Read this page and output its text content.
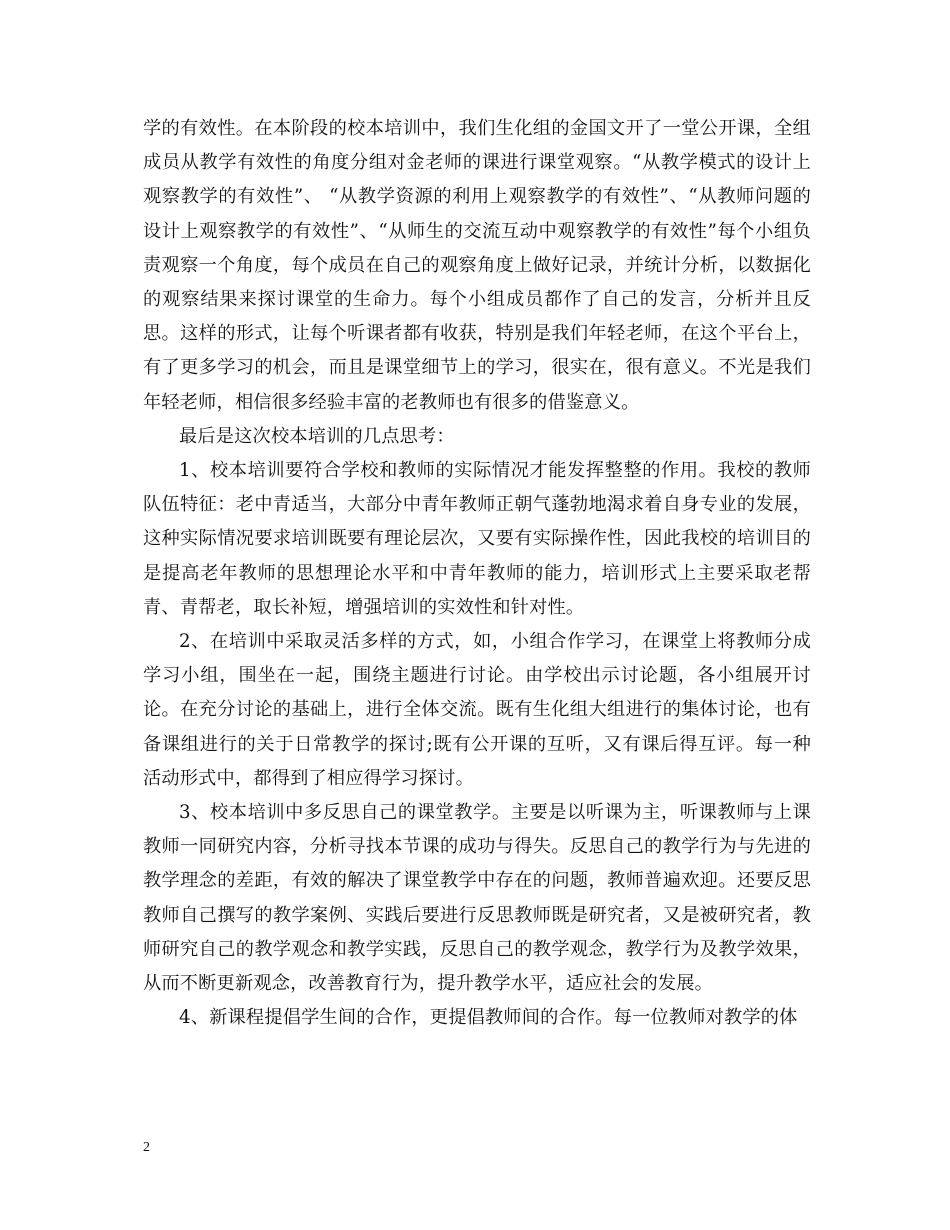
学的有效性。在本阶段的校本培训中，我们生化组的金国文开了一堂公开课，全组成员从教学有效性的角度分组对金老师的课进行课堂观察。“从教学模式的设计上观察教学的有效性”、 “从教学资源的利用上观察教学的有效性”、“从教师问题的设计上观察教学的有效性”、“从师生的交流互动中观察教学的有效性”每个小组负责观察一个角度，每个成员在自己的观察角度上做好记录，并统计分析，以数据化的观察结果来探讨课堂的生命力。每个小组成员都作了自己的发言，分析并且反思。这样的形式，让每个听课者都有收获，特别是我们年轻老师，在这个平台上，有了更多学习的机会，而且是课堂细节上的学习，很实在，很有意义。不光是我们年轻老师，相信很多经验丰富的老教师也有很多的借鉴意义。

最后是这次校本培训的几点思考：

1、校本培训要符合学校和教师的实际情况才能发挥整整的作用。我校的教师队伍特征：老中青适当，大部分中青年教师正朝气蓬勃地渴求着自身专业的发展，这种实际情况要求培训既要有理论层次，又要有实际操作性，因此我校的培训目的是提高老年教师的思想理论水平和中青年教师的能力，培训形式上主要采取老帮青、青帮老，取长补短，增强培训的实效性和针对性。

2、在培训中采取灵活多样的方式，如，小组合作学习，在课堂上将教师分成学习小组，围坐在一起，围绕主题进行讨论。由学校出示讨论题，各小组展开讨论。在充分讨论的基础上，进行全体交流。既有生化组大组进行的集体讨论，也有备课组进行的关于日常教学的探讨;既有公开课的互听，又有课后得互评。每一种活动形式中，都得到了相应得学习探讨。

3、校本培训中多反思自己的课堂教学。主要是以听课为主，听课教师与上课教师一同研究内容，分析寻找本节课的成功与得失。反思自己的教学行为与先进的教学理念的差距，有效的解决了课堂教学中存在的问题，教师普遍欢迎。还要反思教师自己撰写的教学案例、实践后要进行反思教师既是研究者，又是被研究者，教师研究自己的教学观念和教学实践，反思自己的教学观念，教学行为及教学效果，从而不断更新观念，改善教育行为，提升教学水平，适应社会的发展。

4、新课程提倡学生间的合作，更提倡教师间的合作。每一位教师对教学的体

2
